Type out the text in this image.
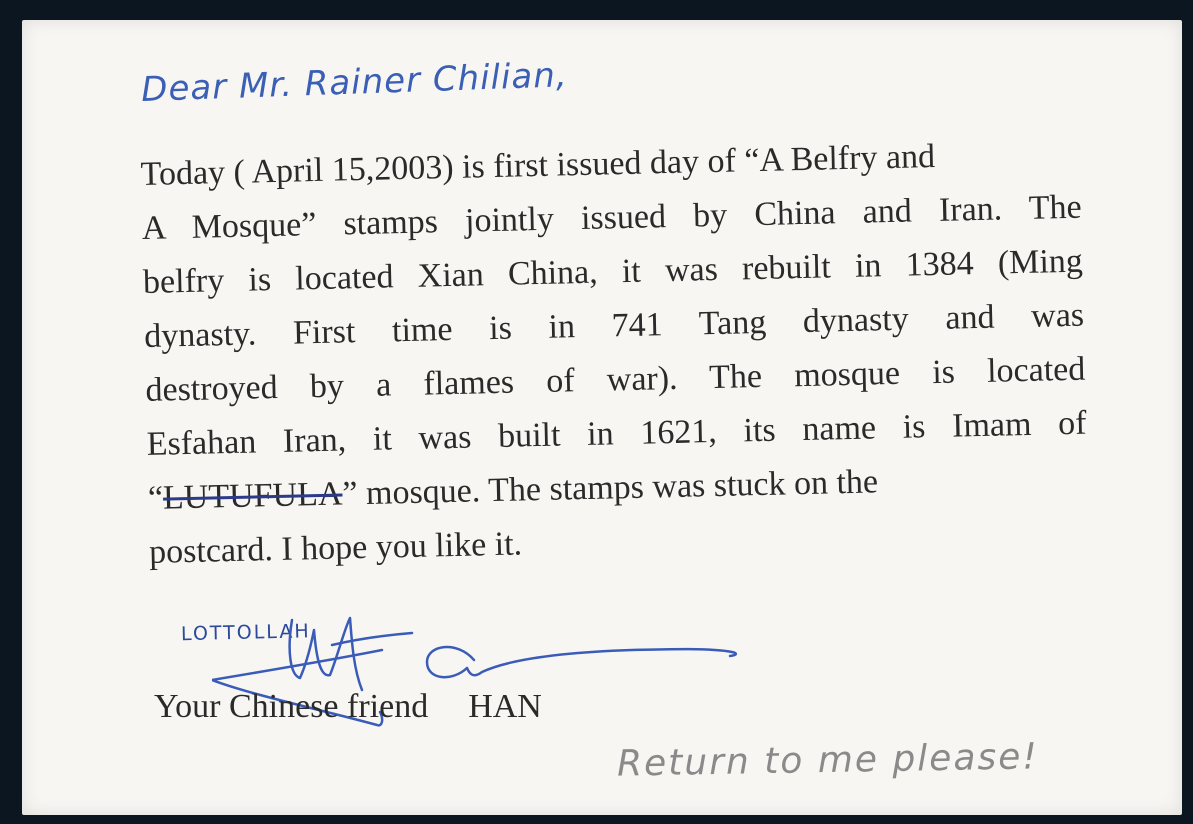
Dear Mr. Rainer Chilian,
Today ( April 15,2003) is first issued day of “A Belfry and
A Mosque” stamps jointly issued by China and Iran. The
belfry is located Xian China, it was rebuilt in 1384 (Ming
dynasty. First time is in 741 Tang dynasty and was
destroyed by a flames of war). The mosque is located
Esfahan Iran, it was built in 1621, its name is Imam of
“LUTUFULA” mosque. The stamps was stuck on the
postcard. I hope you like it.
LOTTOLLAH
Your Chinese friend HAN
Return to me please!
